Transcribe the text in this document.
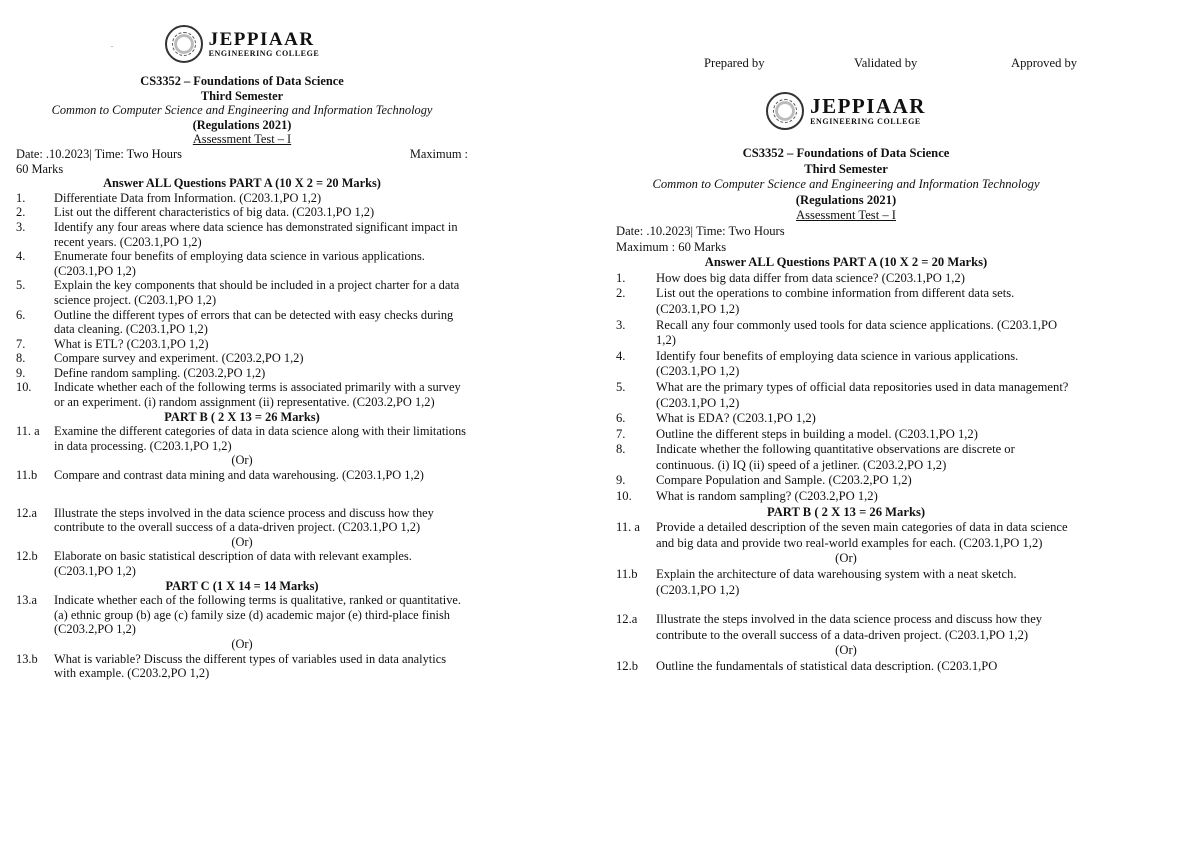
.
Prepared by	Validated by	Approved by
JEPPIAAR
ENGINEERING COLLEGE
CS3352 – Foundations of Data Science
Third Semester
Common to Computer Science and Engineering and Information Technology
(Regulations 2021)
Assessment Test – I
Date: .10.2023| Time: Two Hours	Maximum :
60 Marks
Answer ALL Questions PART A (10 X 2 = 20 Marks)
1.	Differentiate Data from Information. (C203.1,PO 1,2)
2.	List out the different characteristics of big data. (C203.1,PO 1,2)
3.	Identify any four areas where data science has demonstrated significant impact in recent years. (C203.1,PO 1,2)
4.	Enumerate four benefits of employing data science in various applications. (C203.1,PO 1,2)
5.	Explain the key components that should be included in a project charter for a data science project. (C203.1,PO 1,2)
6.	Outline the different types of errors that can be detected with easy checks during data cleaning. (C203.1,PO 1,2)
7.	What is ETL? (C203.1,PO 1,2)
8.	Compare survey and experiment. (C203.2,PO 1,2)
9.	Define random sampling. (C203.2,PO 1,2)
10.	Indicate whether each of the following terms is associated primarily with a survey or an experiment. (i) random assignment (ii) representative. (C203.2,PO 1,2)
PART B ( 2 X 13 = 26 Marks)
11. a	Examine the different categories of data in data science along with their limitations in data processing. (C203.1,PO 1,2)
(Or)
11.b	Compare and contrast data mining and data warehousing. (C203.1,PO 1,2)
12.a	Illustrate the steps involved in the data science process and discuss how they contribute to the overall success of a data-driven project. (C203.1,PO 1,2)
(Or)
12.b	Elaborate on basic statistical description of data with relevant examples. (C203.1,PO 1,2)
PART C (1 X 14 = 14 Marks)
13.a	Indicate whether each of the following terms is qualitative, ranked or quantitative. (a) ethnic group (b) age (c) family size (d) academic major (e) third-place finish (C203.2,PO 1,2)
(Or)
13.b	What is variable? Discuss the different types of variables used in data analytics with example. (C203.2,PO 1,2)
JEPPIAAR
ENGINEERING COLLEGE
CS3352 – Foundations of Data Science
Third Semester
Common to Computer Science and Engineering and Information Technology
(Regulations 2021)
Assessment Test – I
Date: .10.2023| Time: Two Hours
Maximum : 60 Marks
Answer ALL Questions PART A (10 X 2 = 20 Marks)
1.	How does big data differ from data science? (C203.1,PO 1,2)
2.	List out the operations to combine information from different data sets. (C203.1,PO 1,2)
3.	Recall any four commonly used tools for data science applications. (C203.1,PO 1,2)
4.	Identify four benefits of employing data science in various applications. (C203.1,PO 1,2)
5.	What are the primary types of official data repositories used in data management? (C203.1,PO 1,2)
6.	What is EDA? (C203.1,PO 1,2)
7.	Outline the different steps in building a model. (C203.1,PO 1,2)
8.	Indicate whether the following quantitative observations are discrete or continuous. (i) IQ (ii) speed of a jetliner. (C203.2,PO 1,2)
9.	Compare Population and Sample. (C203.2,PO 1,2)
10.	What is random sampling? (C203.2,PO 1,2)
PART B ( 2 X 13 = 26 Marks)
11. a	Provide a detailed description of the seven main categories of data in data science and big data and provide two real-world examples for each. (C203.1,PO 1,2)
(Or)
11.b	Explain the architecture of data warehousing system with a neat sketch. (C203.1,PO 1,2)
12.a	Illustrate the steps involved in the data science process and discuss how they contribute to the overall success of a data-driven project. (C203.1,PO 1,2)
(Or)
12.b	Outline the fundamentals of statistical data description. (C203.1,PO
